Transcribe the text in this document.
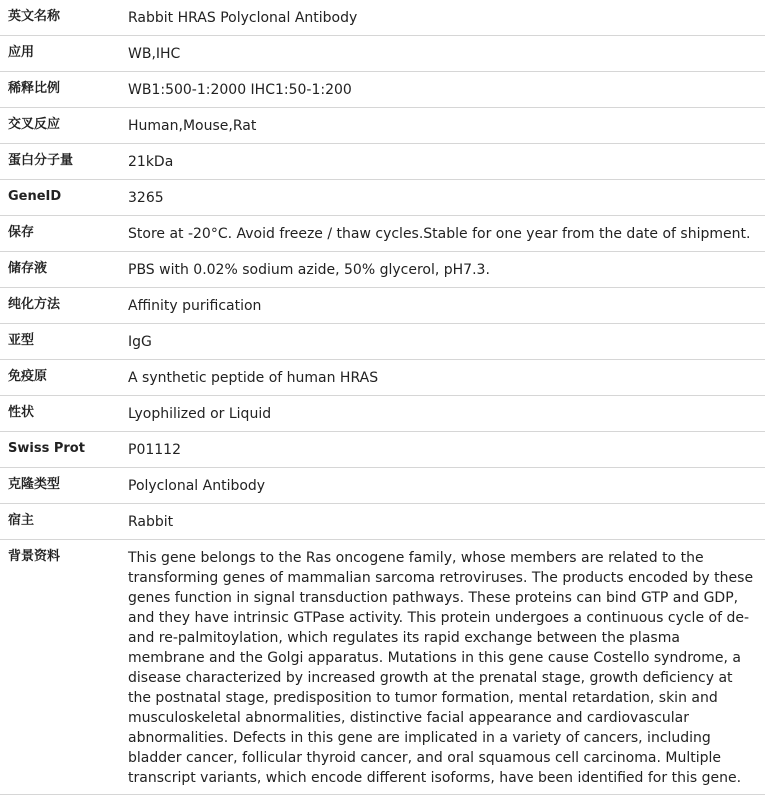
英文名称	Rabbit HRAS Polyclonal Antibody
应用	WB,IHC
稀释比例	WB1:500-1:2000 IHC1:50-1:200
交叉反应	Human,Mouse,Rat
蛋白分子量	21kDa
GeneID	3265
保存	Store at -20°C. Avoid freeze / thaw cycles.Stable for one year from the date of shipment.
储存液	PBS with 0.02% sodium azide, 50% glycerol, pH7.3.
纯化方法	Affinity purification
亚型	IgG
免疫原	A synthetic peptide of human HRAS
性状	Lyophilized or Liquid
Swiss Prot	P01112
克隆类型	Polyclonal Antibody
宿主	Rabbit
背景资料	This gene belongs to the Ras oncogene family, whose members are related to the transforming genes of mammalian sarcoma retroviruses. The products encoded by these genes function in signal transduction pathways. These proteins can bind GTP and GDP, and they have intrinsic GTPase activity. This protein undergoes a continuous cycle of de- and re-palmitoylation, which regulates its rapid exchange between the plasma membrane and the Golgi apparatus. Mutations in this gene cause Costello syndrome, a disease characterized by increased growth at the prenatal stage, growth deficiency at the postnatal stage, predisposition to tumor formation, mental retardation, skin and musculoskeletal abnormalities, distinctive facial appearance and cardiovascular abnormalities. Defects in this gene are implicated in a variety of cancers, including bladder cancer, follicular thyroid cancer, and oral squamous cell carcinoma. Multiple transcript variants, which encode different isoforms, have been identified for this gene.
